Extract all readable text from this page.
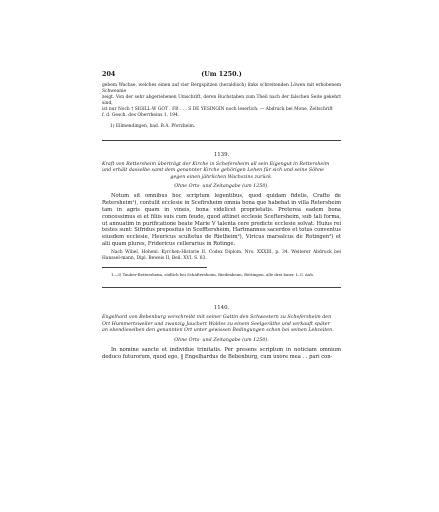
204	(Um 1250.)

gebem Wachse, welches einen auf vier Bergspitzen (heraldisch) links schreitenden Löwen mit erhobenem Schweanie

zeigt. Von der sehr abgeriebenen Umschrift, deren Buchstaben zum Theil nach der falschen Seite gekehrt sind,

ist nur Noch † SIGILL·W GOT . FR . . . S DE YESINGIN noch leserlich. — Abdruck bei Mone, Zeitschrift

f. d. Gesch. des Oberrheins 1, 194.

1) Ellmendingen, bad. B.A. Pforzheim.

1139.

Kraft von Rettersheim überträgt der Kirche in Schefersheim all sein Eigengut in Rettersheim

und erhält dasselbe samt dem genannter Kirche gehörigen Lehen für sich und seine Söhne

gegen einen jährlichen Wachszins zurück.

Ohne Orts- und Zeitangabe (um 1250).

Notum sit omnibus hoc scriptum legentibus, quod quidam fidelis, Crafto de Retersheim¹), contulit ecclesie in Scefirsheim omnia bona que habebat in villa Retersheim tam in agris quam in vineis, bona videlicet proprietatis. Preterea eadem bona concessimus ei et filiis suis cum feudo, quod attinet ecclesie Sceftersheim, sub tali forma, ut annuatim in purificatione beate Marie V talenta cere predicte ecclesie solvat. Huius rei testes sunt: Sifridus prepositus in Scefftersheim, Hartmannus sacerdos et totus conventus eiusdem ecclesie, Heuricus scultetus de Rietheim²), Viricus marsalcus de Rotingen³) et alii quam plures, Fridericus cellerarius in Rotinge.

Nach Wibel, Hohenl. Kyrchen-Historie II, Codex Diplom. Nro. XXXIII, p. 34. Weiterer Abdruck bei Hanssel-mann, Dipl. Beweis II, Beil. XVI, S. 83.

1—3) Tauber-Rettersheim, südlich bei Schäftersheim, Riedenheim, Röttingen, alle drei baier. L.G. Aub.

1140.

Engelhard von Bebenburg verschreibt mit seiner Gattin den Schwestern zu Schefersheim den

Ort Hummertsweiler und zwanzig Jauchert Waldes zu einem Seelgeräthe und verkauft später

an ebendieselben den genannten Ort unter gewissen Bedingungen schon bei seinen Lebzeiten.

Ohne Orts- und Zeitangabe (um 1250).

In nomine sancte et individue trinitatis. Per presens scriptum in noticiam omnium deduco futurorum, quod ego, ‖ Engelhardus de Bebenburg, cum uxore mea . . pari con-
